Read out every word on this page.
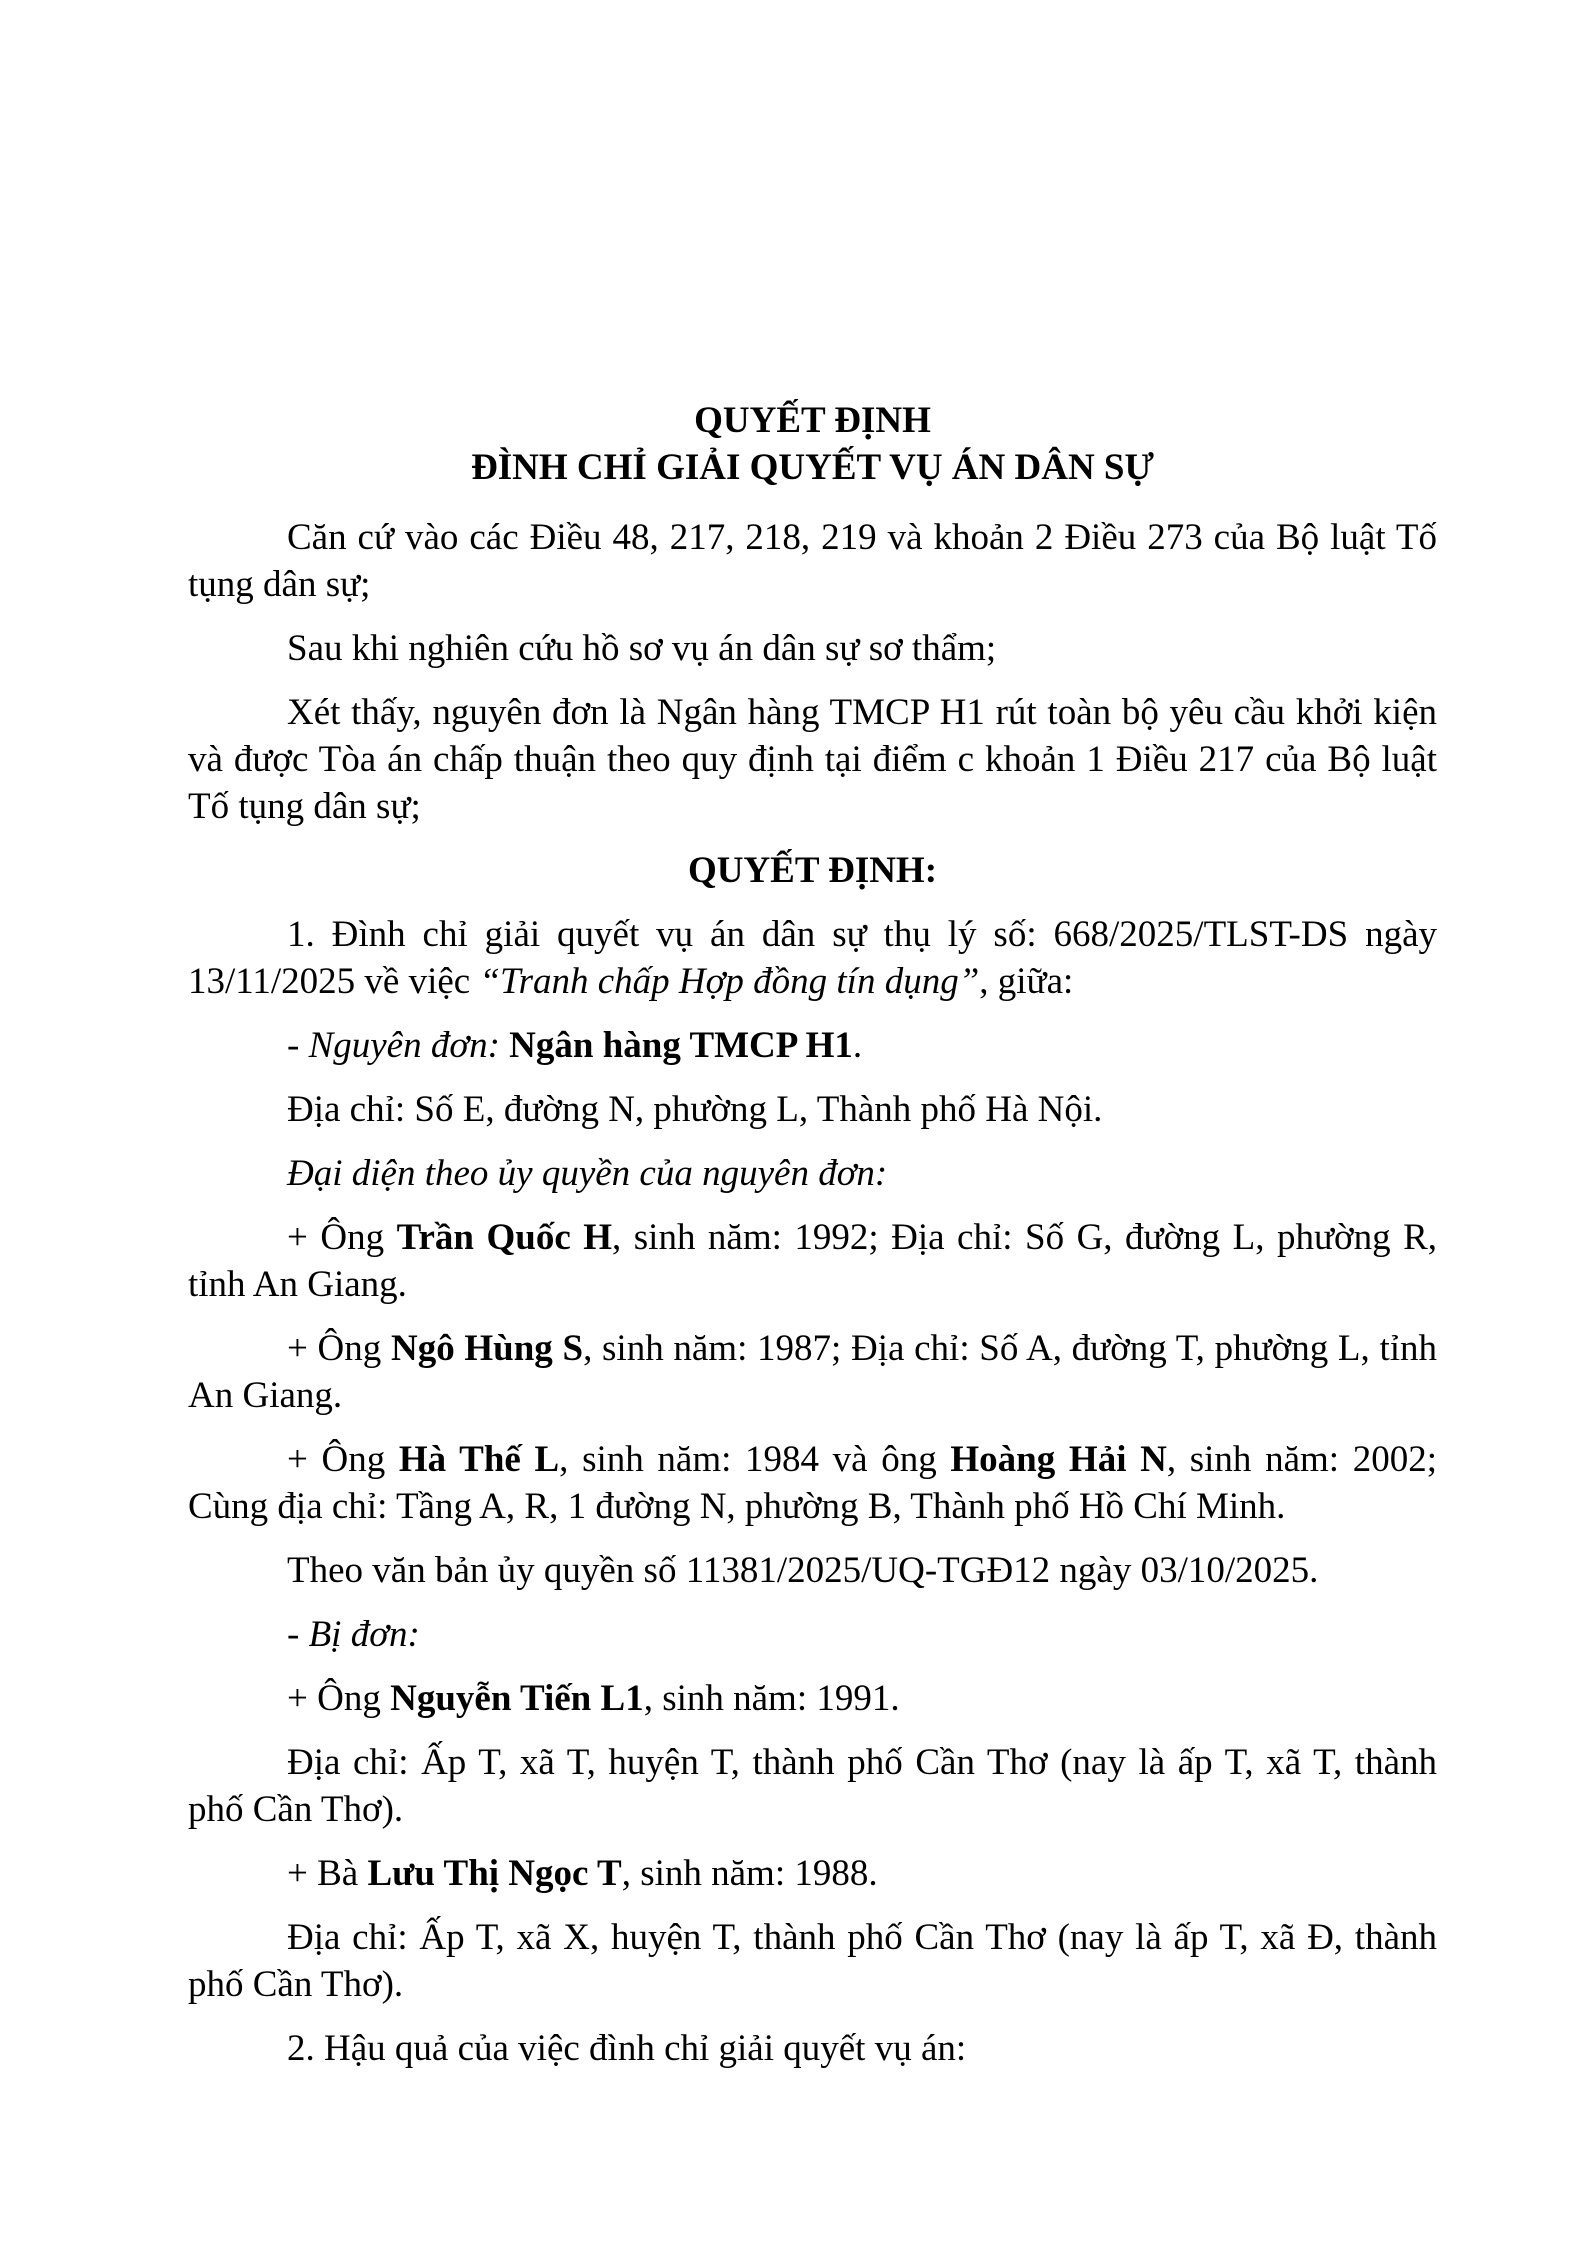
QUYẾT ĐỊNH
ĐÌNH CHỈ GIẢI QUYẾT VỤ ÁN DÂN SỰ

Căn cứ vào các Điều 48, 217, 218, 219 và khoản 2 Điều 273 của Bộ luật Tố tụng dân sự;

Sau khi nghiên cứu hồ sơ vụ án dân sự sơ thẩm;

Xét thấy, nguyên đơn là Ngân hàng TMCP H1 rút toàn bộ yêu cầu khởi kiện và được Tòa án chấp thuận theo quy định tại điểm c khoản 1 Điều 217 của Bộ luật Tố tụng dân sự;

QUYẾT ĐỊNH:

1. Đình chỉ giải quyết vụ án dân sự thụ lý số: 668/2025/TLST-DS ngày 13/11/2025 về việc “Tranh chấp Hợp đồng tín dụng”, giữa:

- Nguyên đơn: Ngân hàng TMCP H1.

Địa chỉ: Số E, đường N, phường L, Thành phố Hà Nội.

Đại diện theo ủy quyền của nguyên đơn:

+ Ông Trần Quốc H, sinh năm: 1992; Địa chỉ: Số G, đường L, phường R, tỉnh An Giang.

+ Ông Ngô Hùng S, sinh năm: 1987; Địa chỉ: Số A, đường T, phường L, tỉnh An Giang.

+ Ông Hà Thế L, sinh năm: 1984 và ông Hoàng Hải N, sinh năm: 2002; Cùng địa chỉ: Tầng A, R, 1 đường N, phường B, Thành phố Hồ Chí Minh.

Theo văn bản ủy quyền số 11381/2025/UQ-TGĐ12 ngày 03/10/2025.

- Bị đơn:

+ Ông Nguyễn Tiến L1, sinh năm: 1991.

Địa chỉ: Ấp T, xã T, huyện T, thành phố Cần Thơ (nay là ấp T, xã T, thành phố Cần Thơ).

+ Bà Lưu Thị Ngọc T, sinh năm: 1988.

Địa chỉ: Ấp T, xã X, huyện T, thành phố Cần Thơ (nay là ấp T, xã Đ, thành phố Cần Thơ).

2. Hậu quả của việc đình chỉ giải quyết vụ án:
